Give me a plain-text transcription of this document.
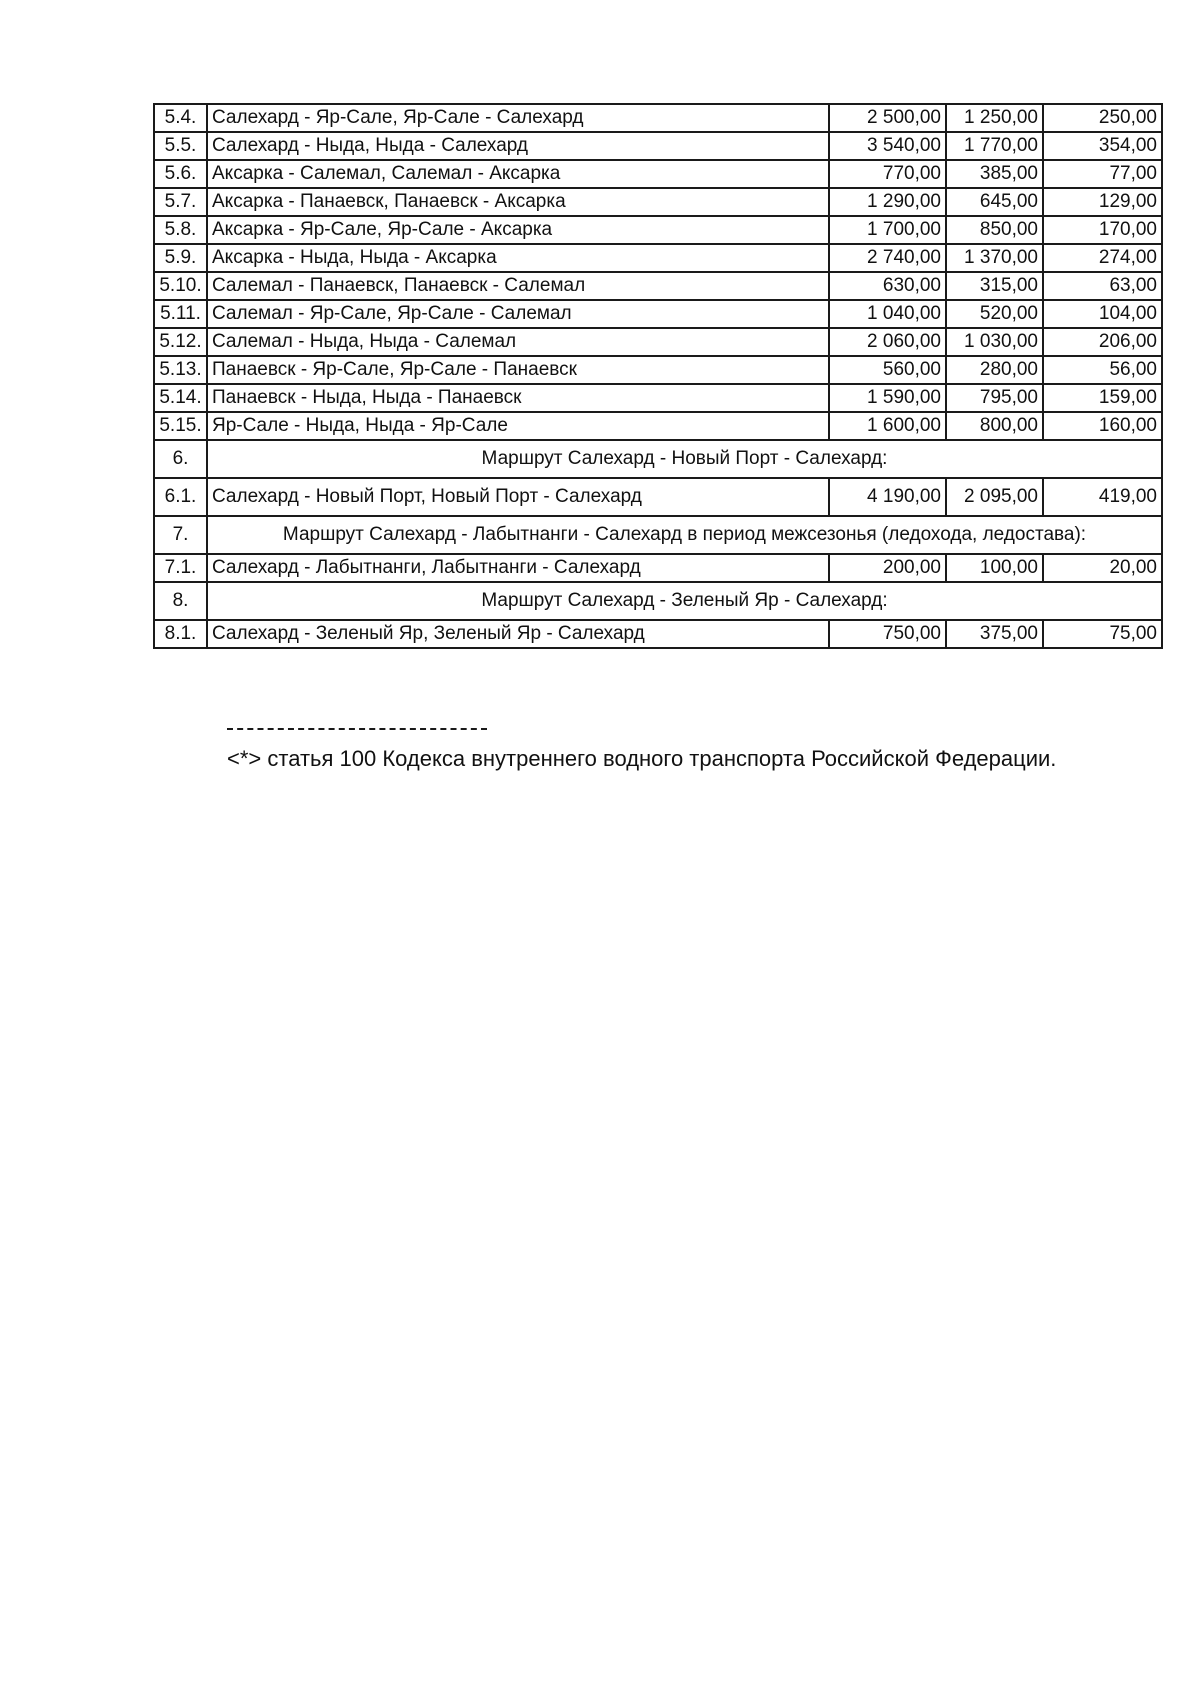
5.4.	Салехард - Яр-Сале, Яр-Сале - Салехард	2 500,00	1 250,00	250,00
5.5.	Салехард - Ныда, Ныда - Салехард	3 540,00	1 770,00	354,00
5.6.	Аксарка - Салемал, Салемал - Аксарка	770,00	385,00	77,00
5.7.	Аксарка - Панаевск, Панаевск - Аксарка	1 290,00	645,00	129,00
5.8.	Аксарка - Яр-Сале, Яр-Сале - Аксарка	1 700,00	850,00	170,00
5.9.	Аксарка - Ныда, Ныда - Аксарка	2 740,00	1 370,00	274,00
5.10.	Салемал - Панаевск, Панаевск - Салемал	630,00	315,00	63,00
5.11.	Салемал - Яр-Сале, Яр-Сале - Салемал	1 040,00	520,00	104,00
5.12.	Салемал - Ныда, Ныда - Салемал	2 060,00	1 030,00	206,00
5.13.	Панаевск - Яр-Сале, Яр-Сале - Панаевск	560,00	280,00	56,00
5.14.	Панаевск - Ныда, Ныда - Панаевск	1 590,00	795,00	159,00
5.15.	Яр-Сале - Ныда, Ныда - Яр-Сале	1 600,00	800,00	160,00
6.	Маршрут Салехард - Новый Порт - Салехард:			
6.1.	Салехард - Новый Порт, Новый Порт - Салехард	4 190,00	2 095,00	419,00
7.	Маршрут Салехард - Лабытнанги - Салехард в период межсезонья (ледохода, ледостава):			
7.1.	Салехард - Лабытнанги, Лабытнанги - Салехард	200,00	100,00	20,00
8.	Маршрут Салехард - Зеленый Яр - Салехард:			
8.1.	Салехард - Зеленый Яр, Зеленый Яр - Салехард	750,00	375,00	75,00
<*> статья 100 Кодекса внутреннего водного транспорта Российской Федерации.
